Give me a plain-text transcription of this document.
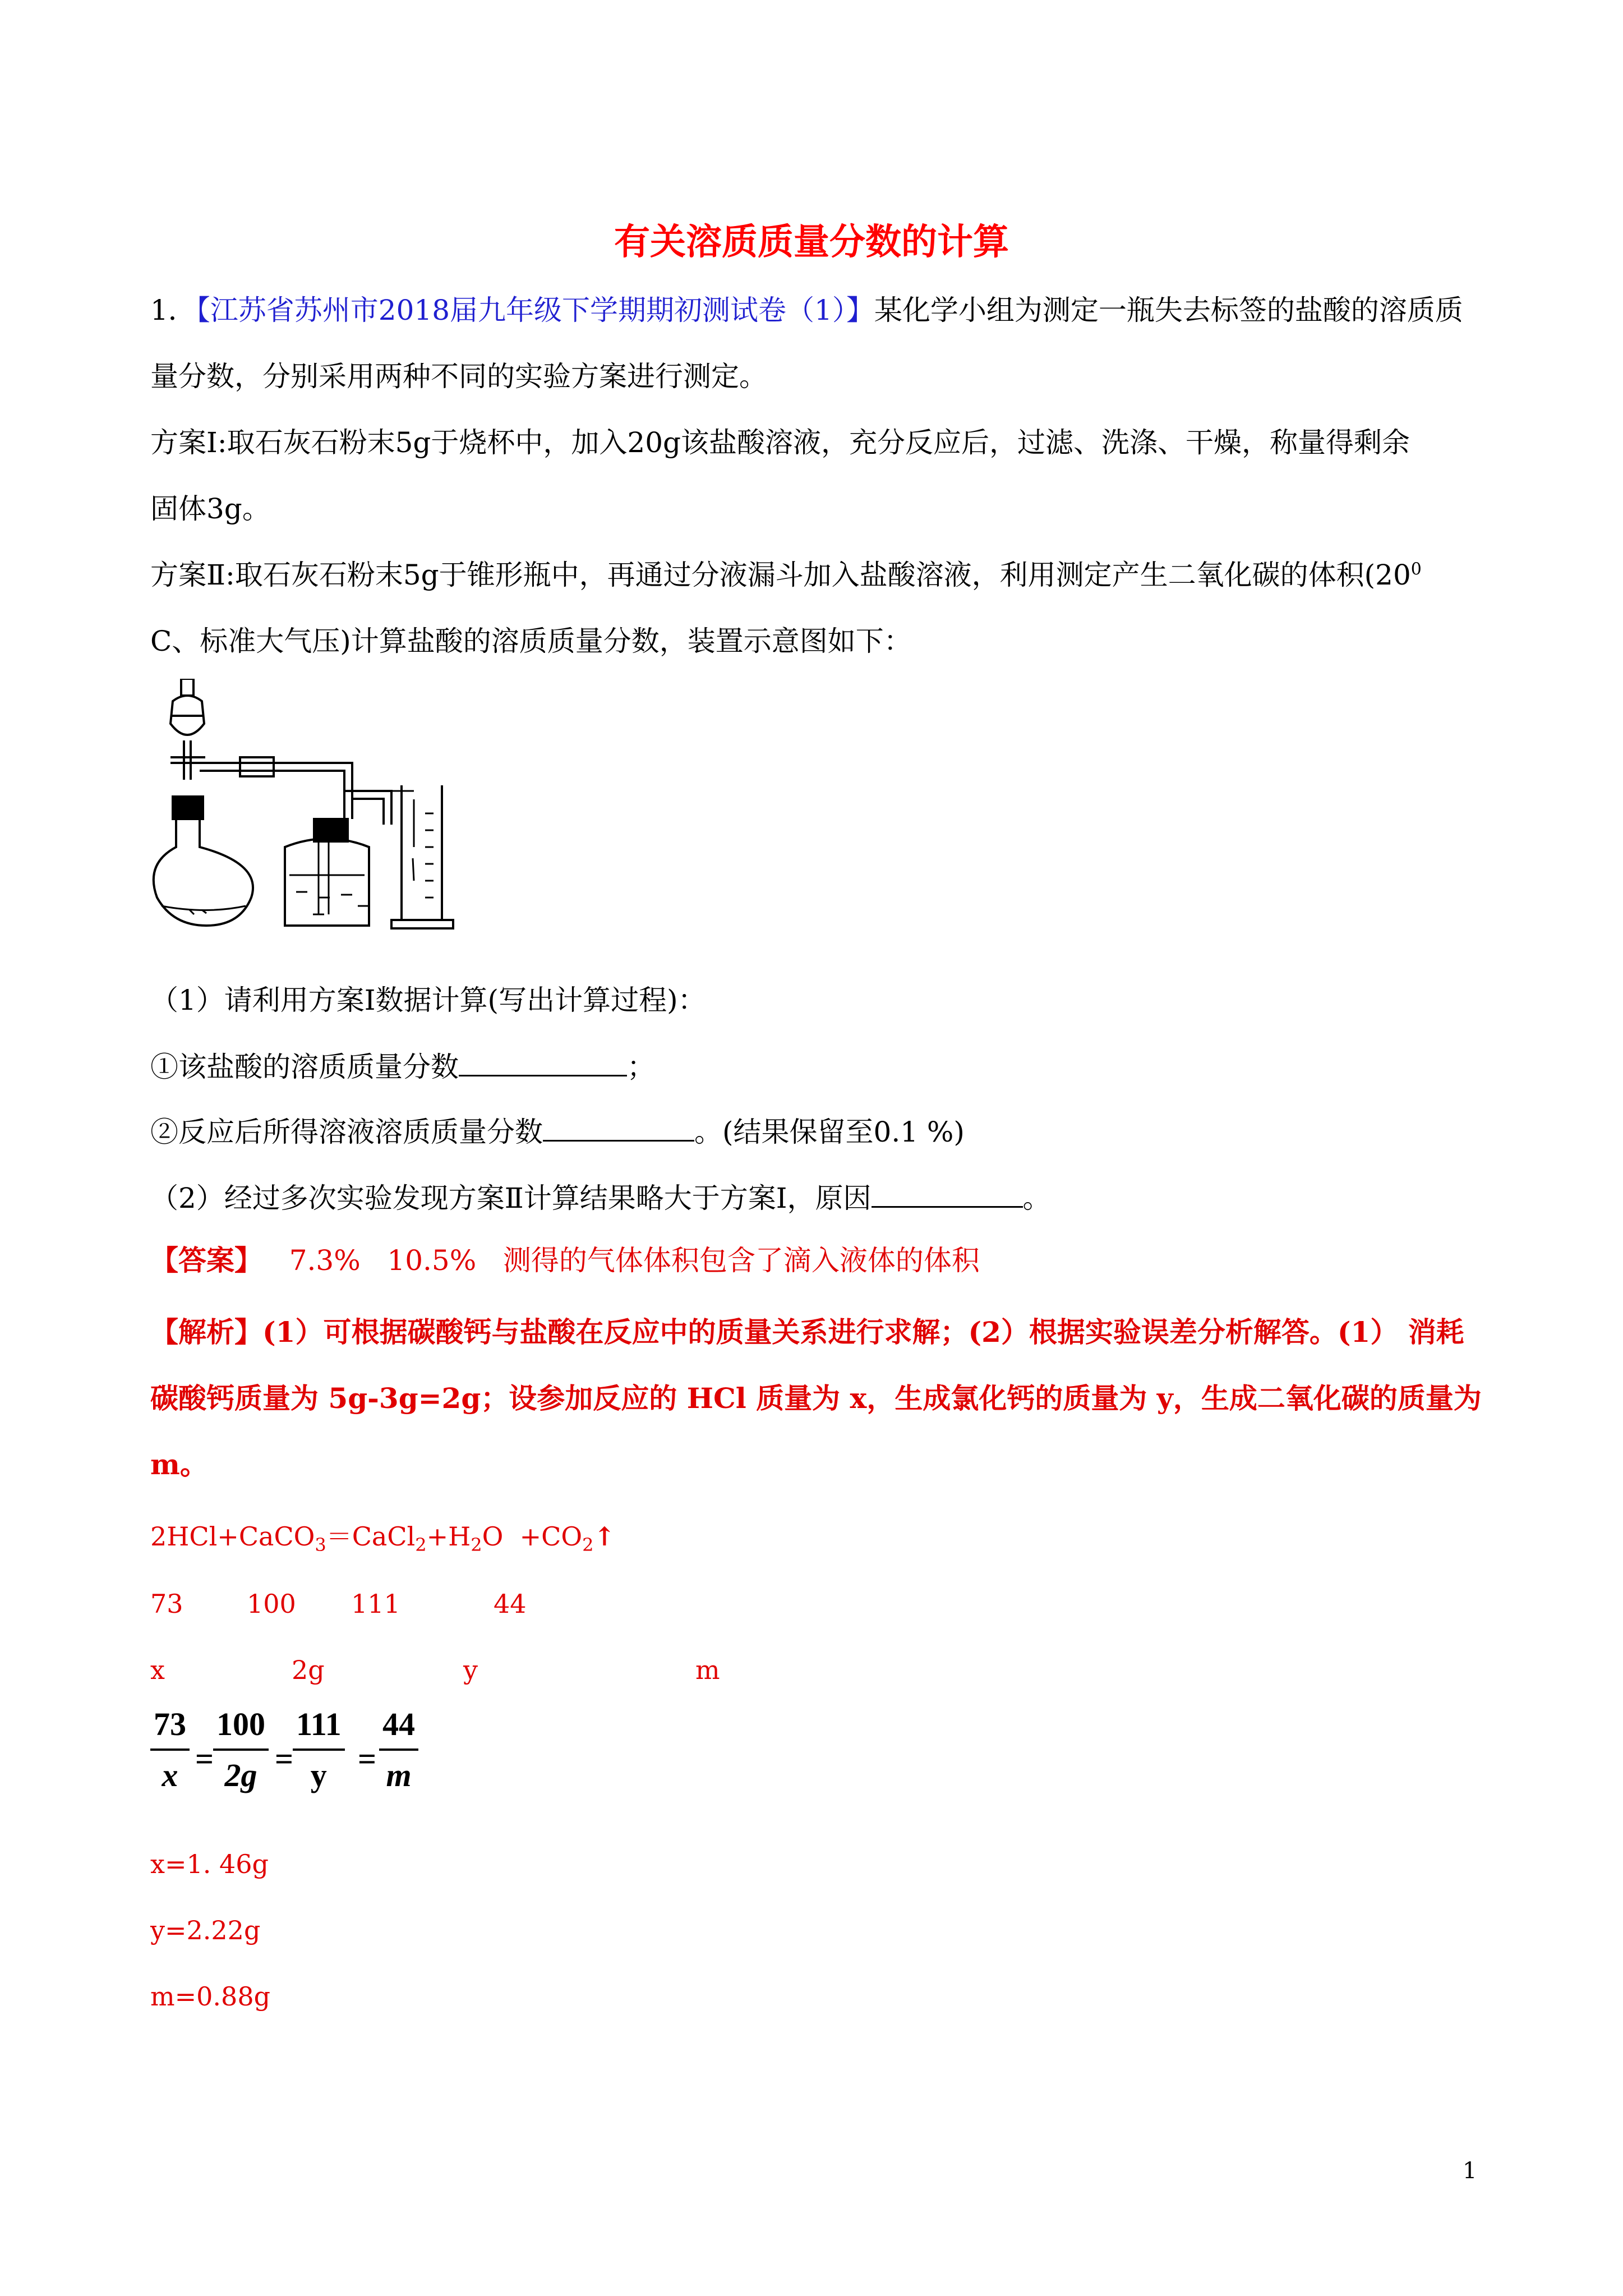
有关溶质质量分数的计算
1．【江苏省苏州市2018届九年级下学期期初测试卷（1）】某化学小组为测定一瓶失去标签的盐酸的溶质质
量分数，分别采用两种不同的实验方案进行测定。
方案Ⅰ:取石灰石粉末5g于烧杯中，加入20g该盐酸溶液，充分反应后，过滤、洗涤、干燥，称量得剩余
固体3g。
方案Ⅱ:取石灰石粉末5g于锥形瓶中，再通过分液漏斗加入盐酸溶液，利用测定产生二氧化碳的体积($20^0$
C、标准大气压)计算盐酸的溶质质量分数，装置示意图如下：
（1）请利用方案Ⅰ数据计算(写出计算过程)：
①该盐酸的溶质质量分数	；
②反应后所得溶液溶质质量分数	。(结果保留至0.1 %)
（2）经过多次实验发现方案Ⅱ计算结果略大于方案Ⅰ，原因	。
【答案】 7.3%   10.5%   测得的气体体积包含了滴入液体的体积
【解析】(1）可根据碳酸钙与盐酸在反应中的质量关系进行求解；(2）根据实验误差分析解答。(1） 消耗
碳酸钙质量为 5g-3g=2g；设参加反应的 HCl 质量为 x，生成氯化钙的质量为 y，生成二氧化碳的质量为
m。
$2HCl+CaCO_3=CaCl_2+H_2O$  $+CO_2↑$
73 100 111	44
x	2g	y	m
$\frac{73}{x}$ =
$\frac{100}{2g}$ =
$\frac{111}{y} = \frac{44}{m}$
x=1. 46g
y=2.22g
m=0.88g
1
